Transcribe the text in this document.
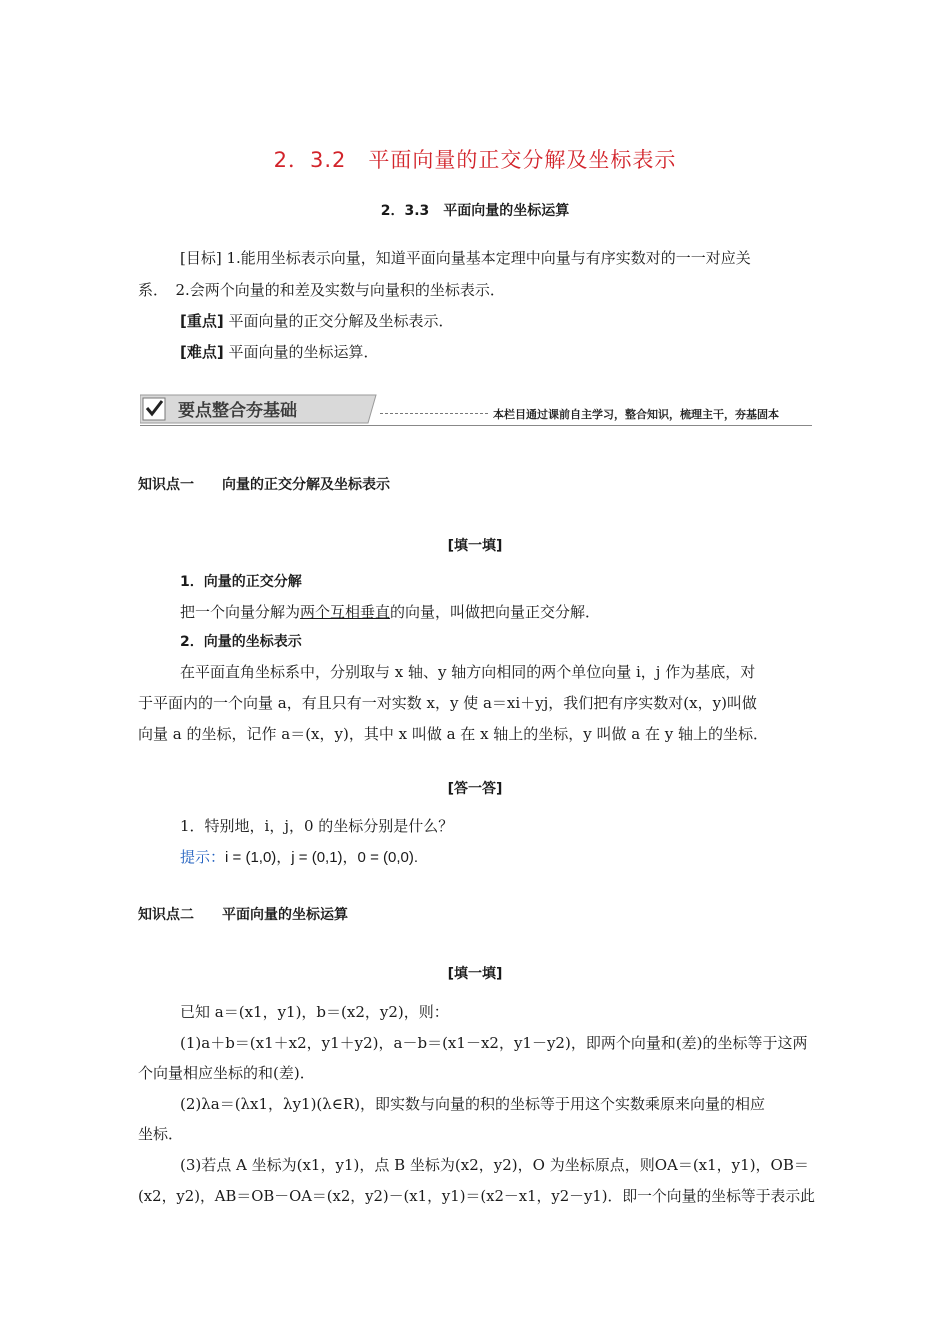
2．3.2　平面向量的正交分解及坐标表示
2．3.3　平面向量的坐标运算
[目标] 1.能用坐标表示向量，知道平面向量基本定理中向量与有序实数对的一一对应关
系．　2.会两个向量的和差及实数与向量积的坐标表示．
[重点] 平面向量的正交分解及坐标表示．
[难点] 平面向量的坐标运算．
要点整合夯基础	本栏目通过课前自主学习，整合知识，梳理主干，夯基固本
知识点一　　向量的正交分解及坐标表示
[填一填]
1．向量的正交分解
把一个向量分解为两个互相垂直的向量，叫做把向量正交分解．
2．向量的坐标表示
在平面直角坐标系中，分别取与 x 轴、y 轴方向相同的两个单位向量 i，j 作为基底，对
于平面内的一个向量 a，有且只有一对实数 x，y 使 a＝xi＋yj，我们把有序实数对(x，y)叫做
向量 a 的坐标，记作 a＝(x，y)，其中 x 叫做 a 在 x 轴上的坐标，y 叫做 a 在 y 轴上的坐标．
[答一答]
1．特别地，i，j，0 的坐标分别是什么？
提示：i = (1,0)，j = (0,1)，0 = (0,0).
知识点二　　平面向量的坐标运算
[填一填]
已知 a＝(x1，y1)，b＝(x2，y2)，则：
(1)a＋b＝(x1＋x2，y1＋y2)，a－b＝(x1－x2，y1－y2)，即两个向量和(差)的坐标等于这两
个向量相应坐标的和(差)．
(2)λa＝(λx1，λy1)(λ∈R)，即实数与向量的积的坐标等于用这个实数乘原来向量的相应
坐标．
(3)若点 A 坐标为(x1，y1)，点 B 坐标为(x2，y2)，O 为坐标原点，则OA＝(x1，y1)，OB＝
(x2，y2)，AB＝OB－OA＝(x2，y2)－(x1，y1)＝(x2－x1，y2－y1)．即一个向量的坐标等于表示此
